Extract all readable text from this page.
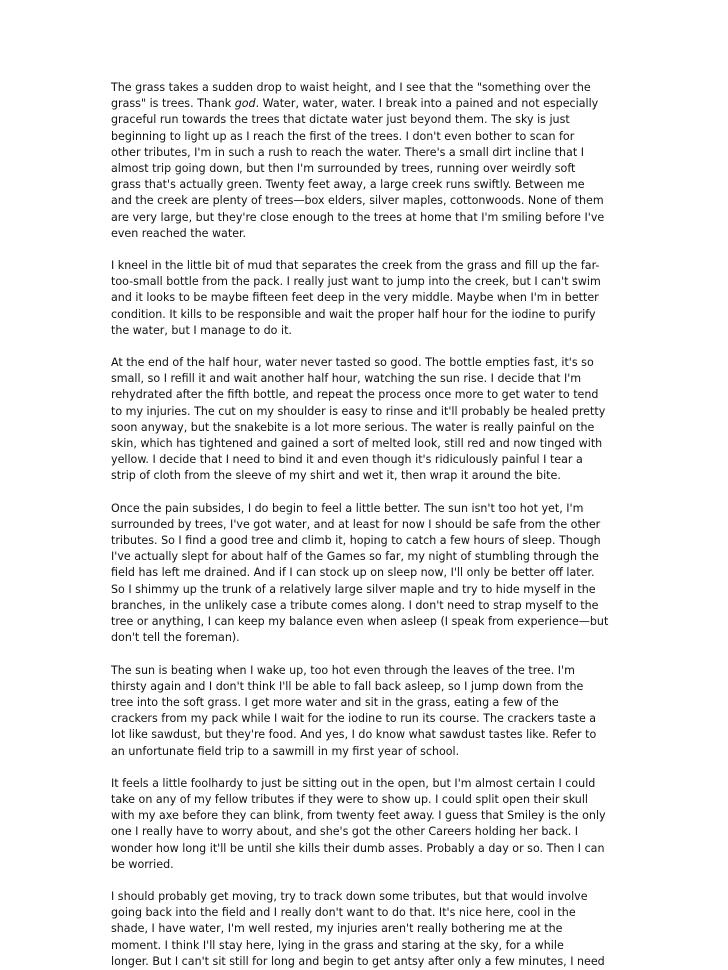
The grass takes a sudden drop to waist height, and I see that the "something over the
grass" is trees. Thank god. Water, water, water. I break into a pained and not especially
graceful run towards the trees that dictate water just beyond them. The sky is just
beginning to light up as I reach the first of the trees. I don't even bother to scan for
other tributes, I'm in such a rush to reach the water. There's a small dirt incline that I
almost trip going down, but then I'm surrounded by trees, running over weirdly soft
grass that's actually green. Twenty feet away, a large creek runs swiftly. Between me
and the creek are plenty of trees—box elders, silver maples, cottonwoods. None of them
are very large, but they're close enough to the trees at home that I'm smiling before I've
even reached the water.

I kneel in the little bit of mud that separates the creek from the grass and fill up the far-
too-small bottle from the pack. I really just want to jump into the creek, but I can't swim
and it looks to be maybe fifteen feet deep in the very middle. Maybe when I'm in better
condition. It kills to be responsible and wait the proper half hour for the iodine to purify
the water, but I manage to do it.

At the end of the half hour, water never tasted so good. The bottle empties fast, it's so
small, so I refill it and wait another half hour, watching the sun rise. I decide that I'm
rehydrated after the fifth bottle, and repeat the process once more to get water to tend
to my injuries. The cut on my shoulder is easy to rinse and it'll probably be healed pretty
soon anyway, but the snakebite is a lot more serious. The water is really painful on the
skin, which has tightened and gained a sort of melted look, still red and now tinged with
yellow. I decide that I need to bind it and even though it's ridiculously painful I tear a
strip of cloth from the sleeve of my shirt and wet it, then wrap it around the bite.

Once the pain subsides, I do begin to feel a little better. The sun isn't too hot yet, I'm
surrounded by trees, I've got water, and at least for now I should be safe from the other
tributes. So I find a good tree and climb it, hoping to catch a few hours of sleep. Though
I've actually slept for about half of the Games so far, my night of stumbling through the
field has left me drained. And if I can stock up on sleep now, I'll only be better off later.
So I shimmy up the trunk of a relatively large silver maple and try to hide myself in the
branches, in the unlikely case a tribute comes along. I don't need to strap myself to the
tree or anything, I can keep my balance even when asleep (I speak from experience—but
don't tell the foreman).

The sun is beating when I wake up, too hot even through the leaves of the tree. I'm
thirsty again and I don't think I'll be able to fall back asleep, so I jump down from the
tree into the soft grass. I get more water and sit in the grass, eating a few of the
crackers from my pack while I wait for the iodine to run its course. The crackers taste a
lot like sawdust, but they're food. And yes, I do know what sawdust tastes like. Refer to
an unfortunate field trip to a sawmill in my first year of school.

It feels a little foolhardy to just be sitting out in the open, but I'm almost certain I could
take on any of my fellow tributes if they were to show up. I could split open their skull
with my axe before they can blink, from twenty feet away. I guess that Smiley is the only
one I really have to worry about, and she's got the other Careers holding her back. I
wonder how long it'll be until she kills their dumb asses. Probably a day or so. Then I can
be worried.

I should probably get moving, try to track down some tributes, but that would involve
going back into the field and I really don't want to do that. It's nice here, cool in the
shade, I have water, I'm well rested, my injuries aren't really bothering me at the
moment. I think I'll stay here, lying in the grass and staring at the sky, for a while
longer. But I can't sit still for long and begin to get antsy after only a few minutes, I need
